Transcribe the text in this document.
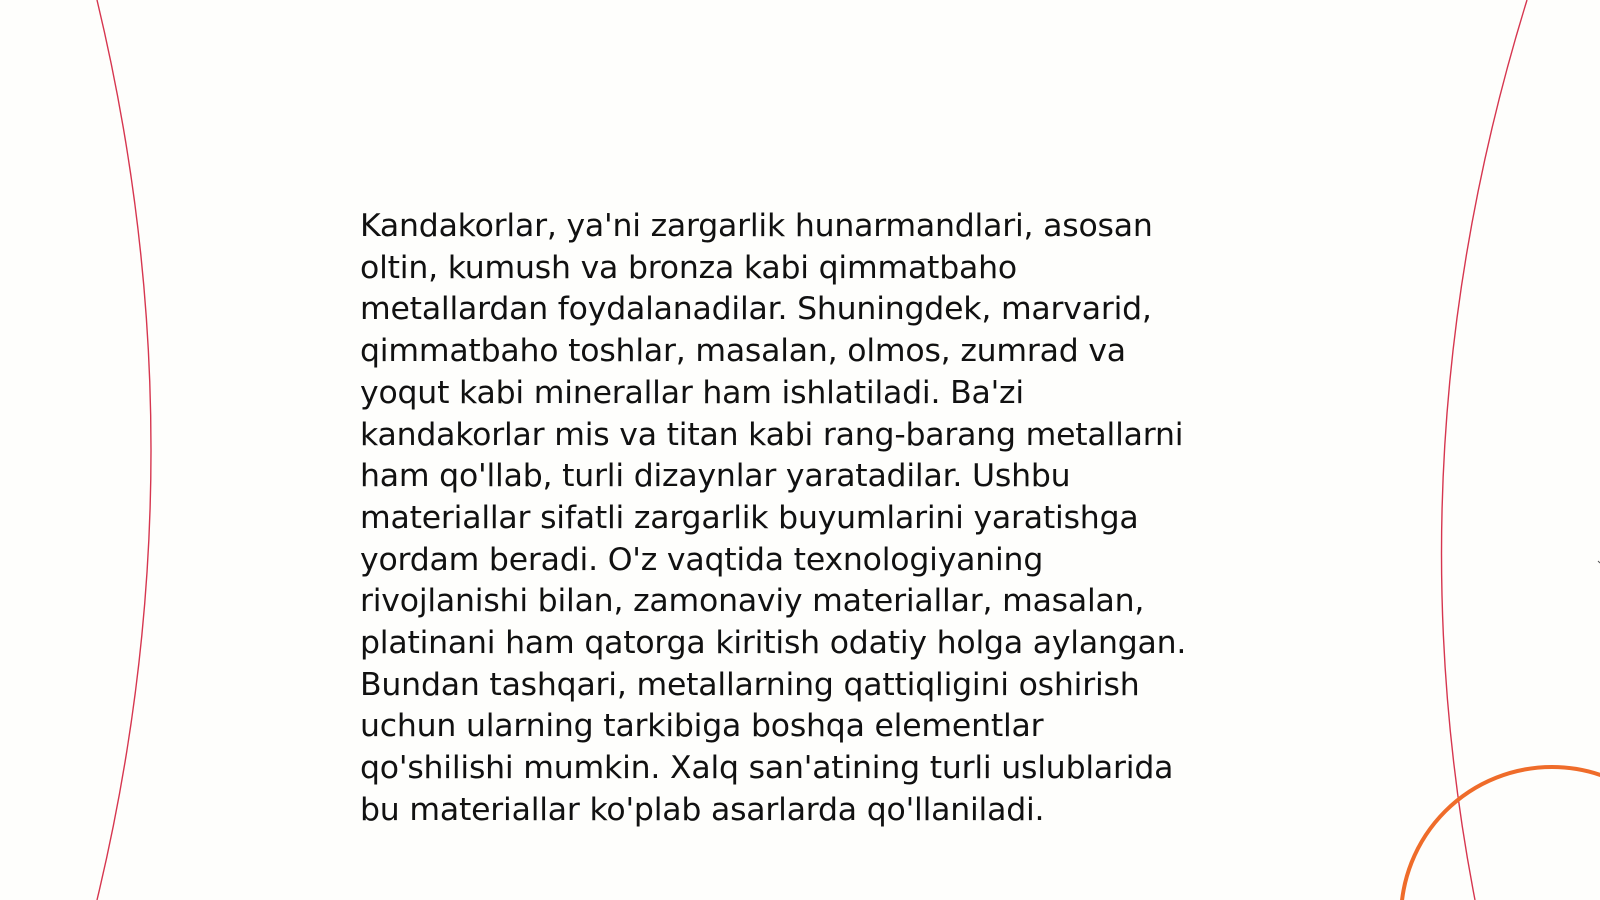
Kandakorlar, ya'ni zargarlik hunarmandlari, asosan
oltin, kumush va bronza kabi qimmatbaho
metallardan foydalanadilar. Shuningdek, marvarid,
qimmatbaho toshlar, masalan, olmos, zumrad va
yoqut kabi minerallar ham ishlatiladi. Ba'zi
kandakorlar mis va titan kabi rang-barang metallarni
ham qo'llab, turli dizaynlar yaratadilar. Ushbu
materiallar sifatli zargarlik buyumlarini yaratishga
yordam beradi. O'z vaqtida texnologiyaning
rivojlanishi bilan, zamonaviy materiallar, masalan,
platinani ham qatorga kiritish odatiy holga aylangan.
Bundan tashqari, metallarning qattiqligini oshirish
uchun ularning tarkibiga boshqa elementlar
qo'shilishi mumkin. Xalq san'atining turli uslublarida
bu materiallar ko'plab asarlarda qo'llaniladi.
